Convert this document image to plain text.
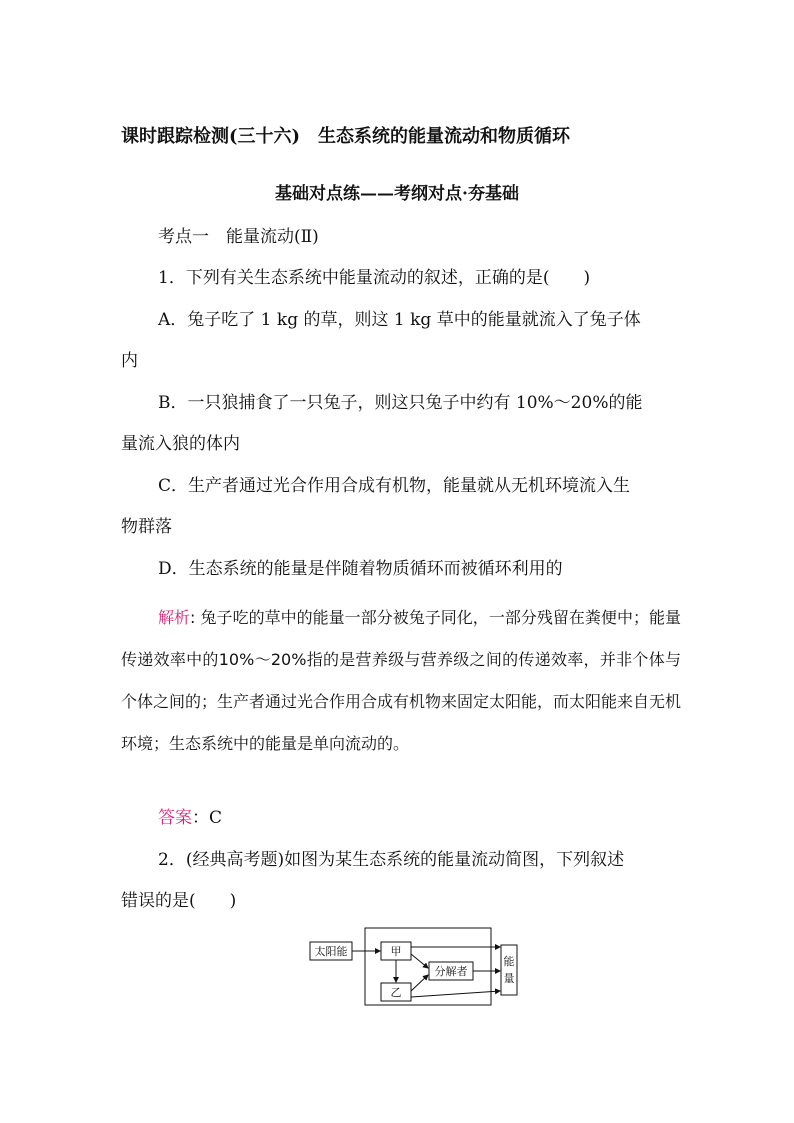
课时跟踪检测(三十六) 生态系统的能量流动和物质循环
基础对点练——考纲对点·夯基础
考点一　能量流动(Ⅱ)
1．下列有关生态系统中能量流动的叙述，正确的是(　　)
A．兔子吃了 1 kg 的草，则这 1 kg 草中的能量就流入了兔子体
内
B．一只狼捕食了一只兔子，则这只兔子中约有 10%～20%的能
量流入狼的体内
C．生产者通过光合作用合成有机物，能量就从无机环境流入生
物群落
D．生态系统的能量是伴随着物质循环而被循环利用的
解析: 兔子吃的草中的能量一部分被兔子同化，一部分残留在粪便中；能量传递效率中的10%～20%指的是营养级与营养级之间的传递效率，并非个体与个体之间的；生产者通过光合作用合成有机物来固定太阳能，而太阳能来自无机环境；生态系统中的能量是单向流动的。
答案：C
2．(经典高考题)如图为某生态系统的能量流动简图，下列叙述
错误的是(　　)
太阳能	甲
乙
分解者
能
量
